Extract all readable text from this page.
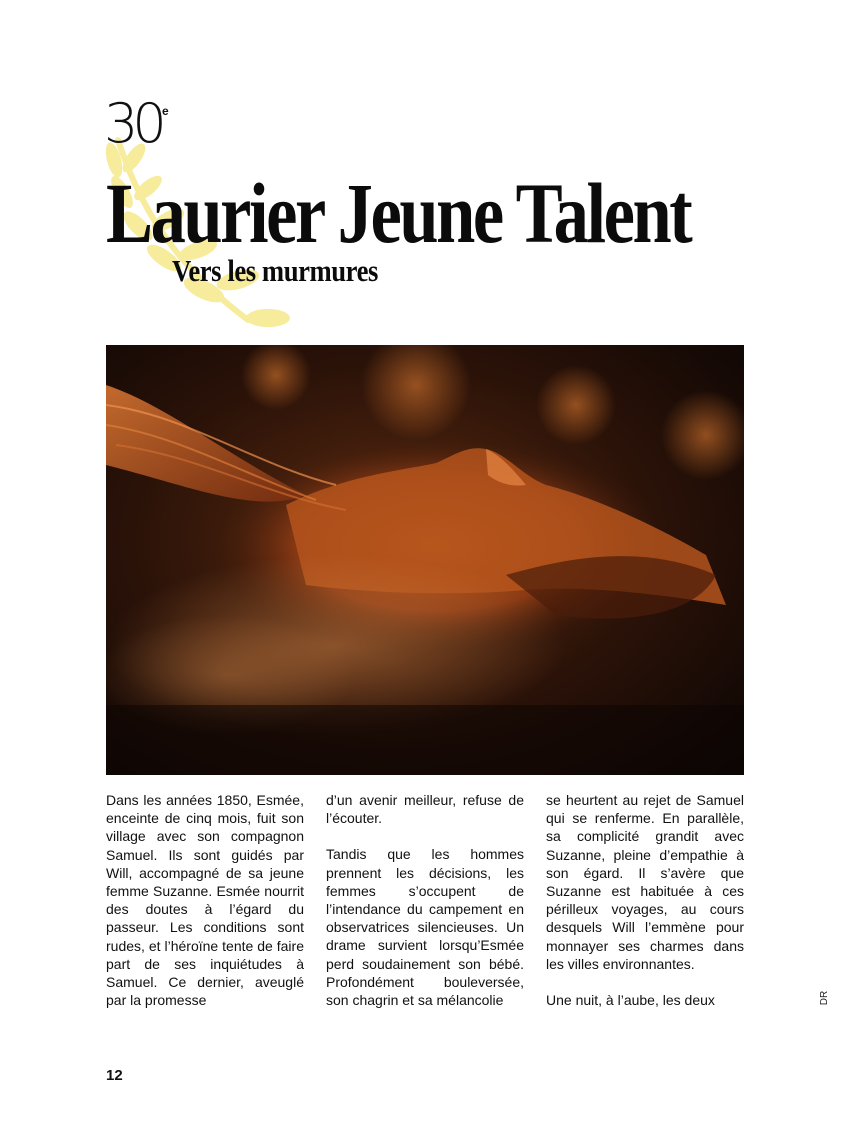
30 e
Laurier Jeune Talent
Vers les murmures

Dans les années 1850, Esmée, enceinte de cinq mois, fuit son village avec son compagnon Samuel. Ils sont guidés par Will, accompagné de sa jeune femme Suzanne. Esmée nourrit des doutes à l’égard du passeur. Les conditions sont rudes, et l’héroïne tente de faire part de ses inquiétudes à Samuel. Ce dernier, aveuglé par la promesse

d’un avenir meilleur, refuse de l’écouter.

Tandis que les hommes prennent les décisions, les femmes s’occupent de l’intendance du campement en observatrices silencieuses. Un drame survient lorsqu’Esmée perd soudainement son bébé. Profondément bouleversée, son chagrin et sa mélancolie

se heurtent au rejet de Samuel qui se renferme. En parallèle, sa complicité grandit avec Suzanne, pleine d’empathie à son égard. Il s’avère que Suzanne est habituée à ces périlleux voyages, au cours desquels Will l’emmène pour monnayer ses charmes dans les villes environnantes.

Une nuit, à l’aube, les deux	DR
12
